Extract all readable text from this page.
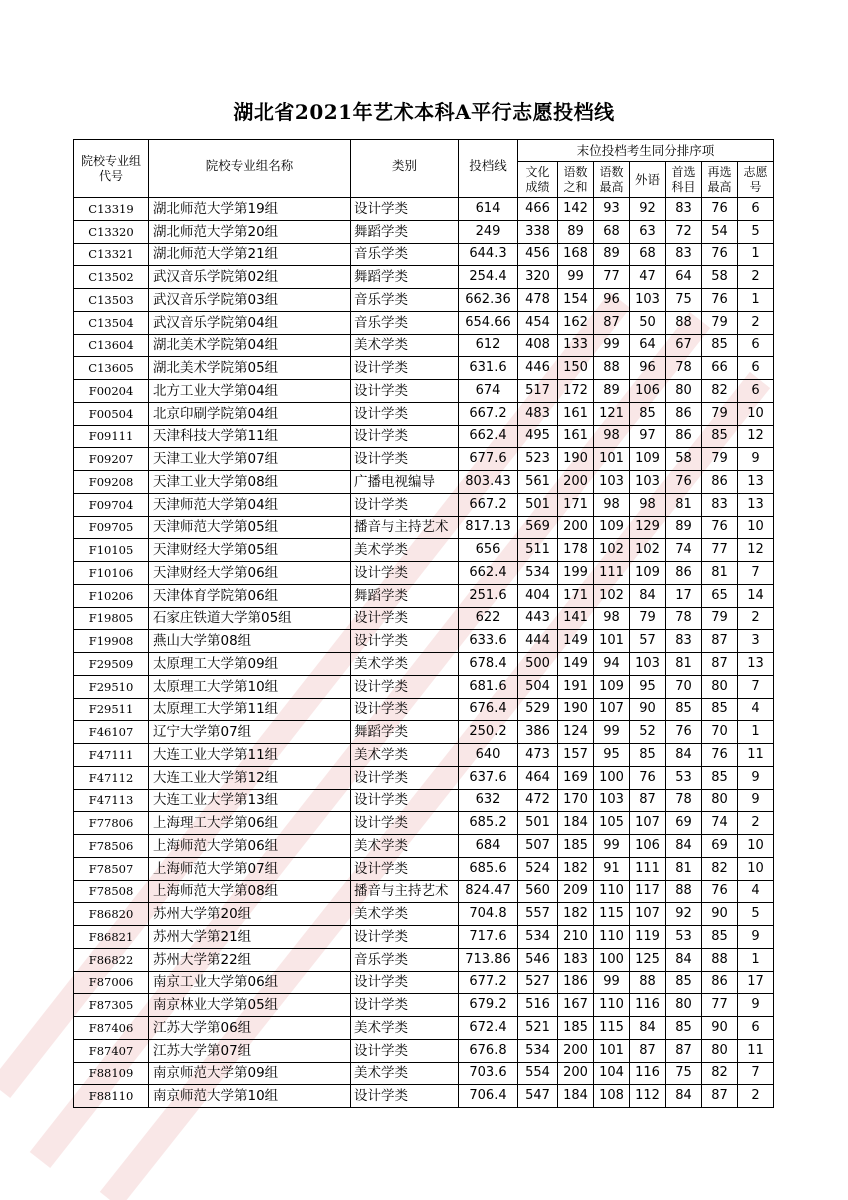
湖北省2021年艺术本科A平行志愿投档线
院校专业组代号	院校专业组名称	类别	投档线	末位投档考生同分排序项						
				文化成绩	语数之和	语数最高	外语	首选科目	再选最高	志愿号
C13319	湖北师范大学第19组	设计学类	614	466	142	93	92	83	76	6
C13320	湖北师范大学第20组	舞蹈学类	249	338	89	68	63	72	54	5
C13321	湖北师范大学第21组	音乐学类	644.3	456	168	89	68	83	76	1
C13502	武汉音乐学院第02组	舞蹈学类	254.4	320	99	77	47	64	58	2
C13503	武汉音乐学院第03组	音乐学类	662.36	478	154	96	103	75	76	1
C13504	武汉音乐学院第04组	音乐学类	654.66	454	162	87	50	88	79	2
C13604	湖北美术学院第04组	美术学类	612	408	133	99	64	67	85	6
C13605	湖北美术学院第05组	设计学类	631.6	446	150	88	96	78	66	6
F00204	北方工业大学第04组	设计学类	674	517	172	89	106	80	82	6
F00504	北京印刷学院第04组	设计学类	667.2	483	161	121	85	86	79	10
F09111	天津科技大学第11组	设计学类	662.4	495	161	98	97	86	85	12
F09207	天津工业大学第07组	设计学类	677.6	523	190	101	109	58	79	9
F09208	天津工业大学第08组	广播电视编导	803.43	561	200	103	103	76	86	13
F09704	天津师范大学第04组	设计学类	667.2	501	171	98	98	81	83	13
F09705	天津师范大学第05组	播音与主持艺术	817.13	569	200	109	129	89	76	10
F10105	天津财经大学第05组	美术学类	656	511	178	102	102	74	77	12
F10106	天津财经大学第06组	设计学类	662.4	534	199	111	109	86	81	7
F10206	天津体育学院第06组	舞蹈学类	251.6	404	171	102	84	17	65	14
F19805	石家庄铁道大学第05组	设计学类	622	443	141	98	79	78	79	2
F19908	燕山大学第08组	设计学类	633.6	444	149	101	57	83	87	3
F29509	太原理工大学第09组	美术学类	678.4	500	149	94	103	81	87	13
F29510	太原理工大学第10组	设计学类	681.6	504	191	109	95	70	80	7
F29511	太原理工大学第11组	设计学类	676.4	529	190	107	90	85	85	4
F46107	辽宁大学第07组	舞蹈学类	250.2	386	124	99	52	76	70	1
F47111	大连工业大学第11组	美术学类	640	473	157	95	85	84	76	11
F47112	大连工业大学第12组	设计学类	637.6	464	169	100	76	53	85	9
F47113	大连工业大学第13组	设计学类	632	472	170	103	87	78	80	9
F77806	上海理工大学第06组	设计学类	685.2	501	184	105	107	69	74	2
F78506	上海师范大学第06组	美术学类	684	507	185	99	106	84	69	10
F78507	上海师范大学第07组	设计学类	685.6	524	182	91	111	81	82	10
F78508	上海师范大学第08组	播音与主持艺术	824.47	560	209	110	117	88	76	4
F86820	苏州大学第20组	美术学类	704.8	557	182	115	107	92	90	5
F86821	苏州大学第21组	设计学类	717.6	534	210	110	119	53	85	9
F86822	苏州大学第22组	音乐学类	713.86	546	183	100	125	84	88	1
F87006	南京工业大学第06组	设计学类	677.2	527	186	99	88	85	86	17
F87305	南京林业大学第05组	设计学类	679.2	516	167	110	116	80	77	9
F87406	江苏大学第06组	美术学类	672.4	521	185	115	84	85	90	6
F87407	江苏大学第07组	设计学类	676.8	534	200	101	87	87	80	11
F88109	南京师范大学第09组	美术学类	703.6	554	200	104	116	75	82	7
F88110	南京师范大学第10组	设计学类	706.4	547	184	108	112	84	87	2
